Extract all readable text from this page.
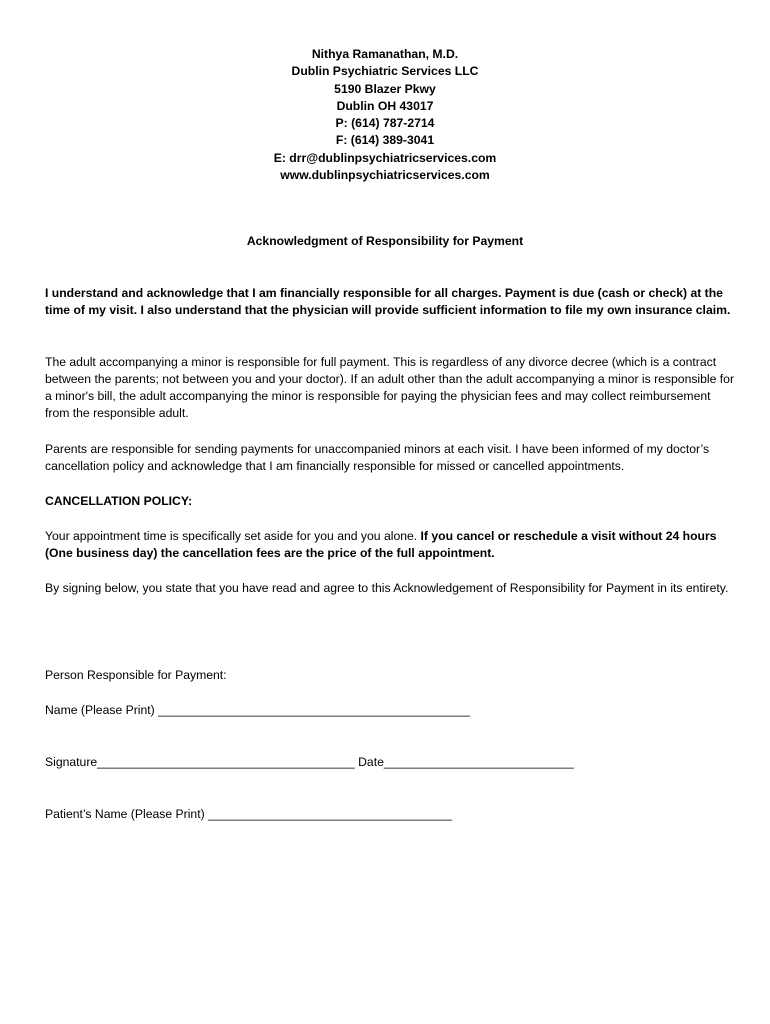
Nithya Ramanathan, M.D.
Dublin Psychiatric Services LLC
5190 Blazer Pkwy
Dublin OH 43017
P: (614) 787-2714
F: (614) 389-3041
E: drr@dublinpsychiatricservices.com
www.dublinpsychiatricservices.com
Acknowledgment of Responsibility for Payment

I understand and acknowledge that I am financially responsible for all charges. Payment is due (cash or check) at the time of my visit. I also understand that the physician will provide sufficient information to file my own insurance claim.

The adult accompanying a minor is responsible for full payment. This is regardless of any divorce decree (which is a contract between the parents; not between you and your doctor). If an adult other than the adult accompanying a minor is responsible for a minor's bill, the adult accompanying the minor is responsible for paying the physician fees and may collect reimbursement from the responsible adult.

Parents are responsible for sending payments for unaccompanied minors at each visit. I have been informed of my doctor’s cancellation policy and acknowledge that I am financially responsible for missed or cancelled appointments.

CANCELLATION POLICY:

Your appointment time is specifically set aside for you and you alone. If you cancel or reschedule a visit without 24 hours (One business day) the cancellation fees are the price of the full appointment.

By signing below, you state that you have read and agree to this Acknowledgement of Responsibility for Payment in its entirety.

Person Responsible for Payment:
Name (Please Print) ______________________________________________
Signature______________________________________ Date____________________________
Patient’s Name (Please Print) ____________________________________
